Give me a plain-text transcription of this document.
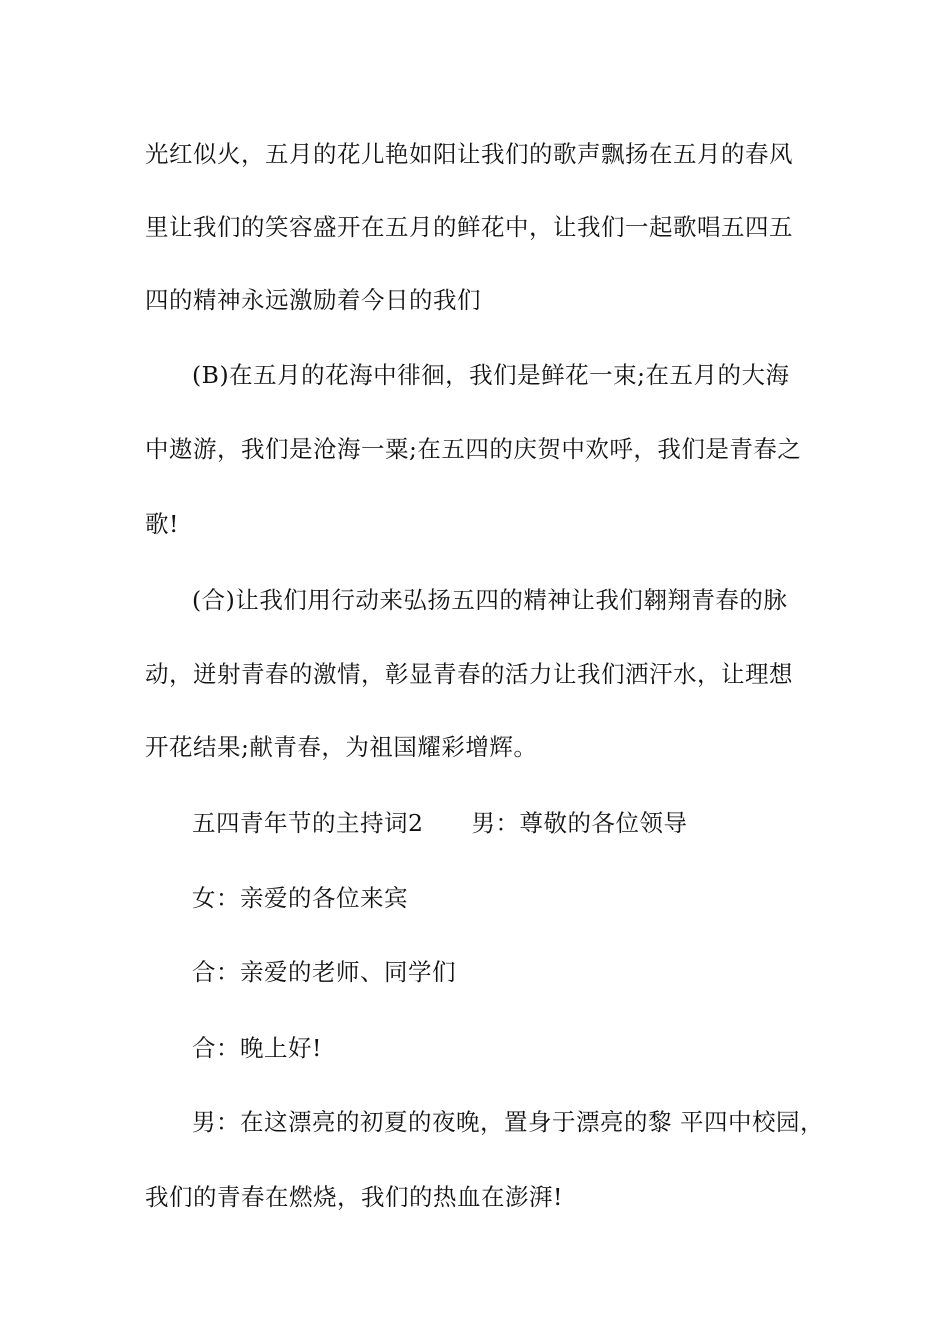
光红似火，五月的花儿艳如阳让我们的歌声飘扬在五月的春风
里让我们的笑容盛开在五月的鲜花中，让我们一起歌唱五四五
四的精神永远激励着今日的我们
(B)在五月的花海中徘徊，我们是鲜花一束;在五月的大海
中遨游，我们是沧海一粟;在五四的庆贺中欢呼，我们是青春之
歌!
(合)让我们用行动来弘扬五四的精神让我们翱翔青春的脉
动，迸射青春的激情，彰显青春的活力让我们洒汗水，让理想
开花结果;献青春，为祖国耀彩增辉。
五四青年节的主持词2　　男：尊敬的各位领导
女：亲爱的各位来宾
合：亲爱的老师、同学们
合：晚上好!
男：在这漂亮的初夏的夜晚，置身于漂亮的黎 平四中校园，
我们的青春在燃烧，我们的热血在澎湃!
